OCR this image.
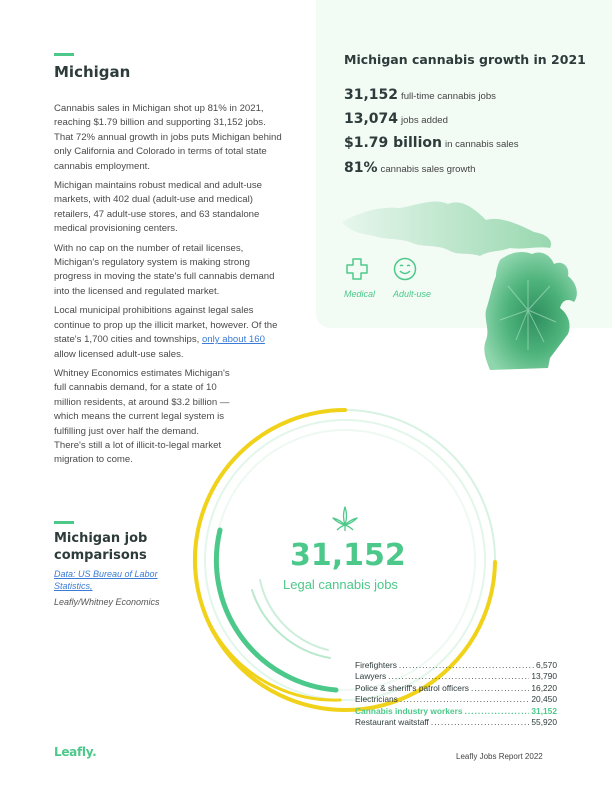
Michigan

Cannabis sales in Michigan shot up 81% in 2021, reaching $1.79 billion and supporting 31,152 jobs. That 72% annual growth in jobs puts Michigan behind only California and Colorado in terms of total state cannabis employment.

Michigan maintains robust medical and adult-use markets, with 402 dual (adult-use and medical) retailers, 47 adult-use stores, and 63 standalone medical provisioning centers.

With no cap on the number of retail licenses, Michigan's regulatory system is making strong progress in moving the state's full cannabis demand into the licensed and regulated market.

Local municipal prohibitions against legal sales continue to prop up the illicit market, however. Of the state's 1,700 cities and townships, only about 160 allow licensed adult-use sales.

Whitney Economics estimates Michigan's full cannabis demand, for a state of 10 million residents, at around $3.2 billion — which means the current legal system is fulfilling just over half the demand. There's still a lot of illicit-to-legal market migration to come.

Michigan job
comparisons
Data: US Bureau of Labor Statistics,
Leafly/Whitney Economics
Michigan cannabis growth in 2021
31,152 full-time cannabis jobs
13,074 jobs added
$1.79 billion in cannabis sales
81% cannabis sales growth
Medical Adult-use
31,152
Legal cannabis jobs
Firefighters .....	6,570
Lawyers .....	13,790
Police & sheriff's patrol officers .....	16,220
Electricians .....	20,450
Cannabis industry workers .....	31,152
Restaurant waitstaff .....	55,920
Leafly.	Leafly Jobs Report 2022
